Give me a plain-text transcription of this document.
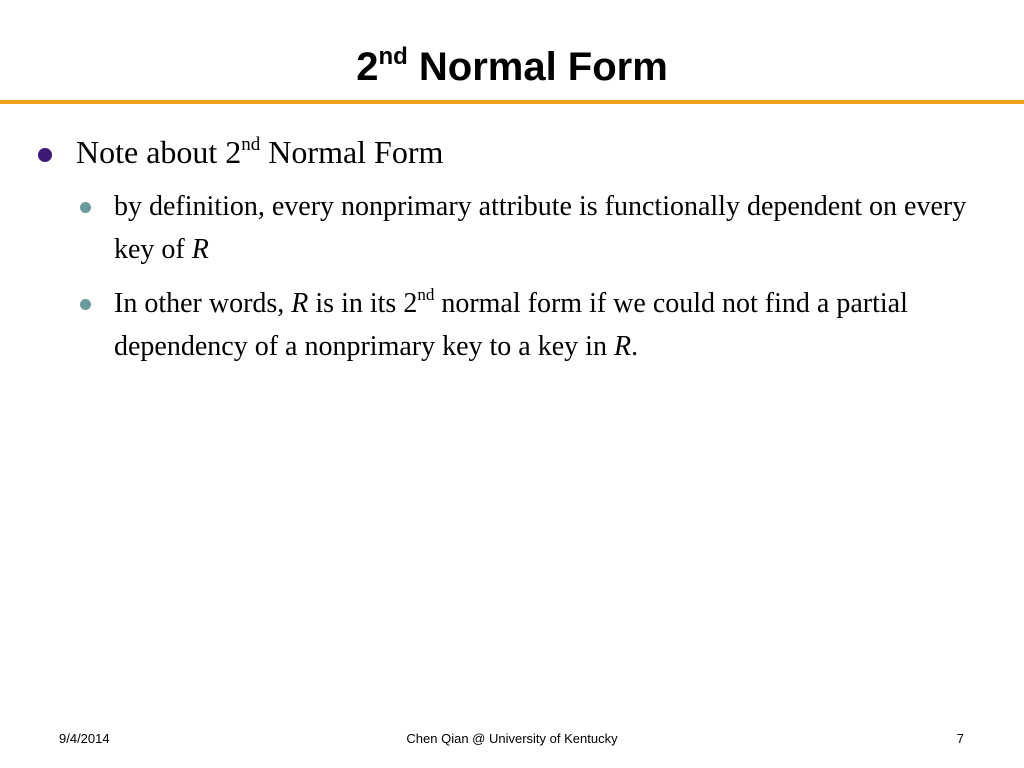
2nd Normal Form
Note about 2nd Normal Form
by definition, every nonprimary attribute is functionally dependent on every key of R
In other words, R is in its 2nd normal form if we could not find a partial dependency of a nonprimary key to a key in R.
9/4/2014	Chen Qian @ University of Kentucky	7
